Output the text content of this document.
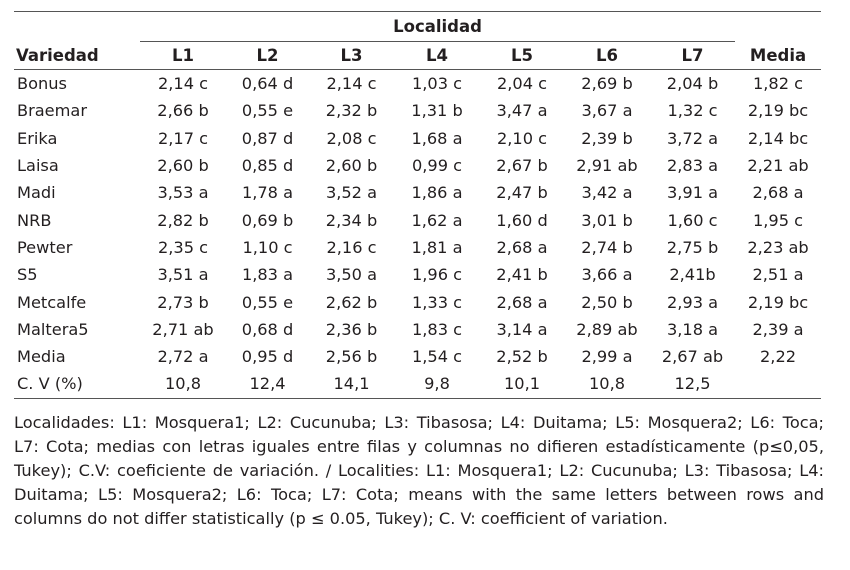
	Localidad							
Variedad	L1	L2	L3	L4	L5	L6	L7	Media
Bonus	2,14 c	0,64 d	2,14 c	1,03 c	2,04 c	2,69 b	2,04 b	1,82 c
Braemar	2,66 b	0,55 e	2,32 b	1,31 b	3,47 a	3,67 a	1,32 c	2,19 bc
Erika	2,17 c	0,87 d	2,08 c	1,68 a	2,10 c	2,39 b	3,72 a	2,14 bc
Laisa	2,60 b	0,85 d	2,60 b	0,99 c	2,67 b	2,91 ab	2,83 a	2,21 ab
Madi	3,53 a	1,78 a	3,52 a	1,86 a	2,47 b	3,42 a	3,91 a	2,68 a
NRB	2,82 b	0,69 b	2,34 b	1,62 a	1,60 d	3,01 b	1,60 c	1,95 c
Pewter	2,35 c	1,10 c	2,16 c	1,81 a	2,68 a	2,74 b	2,75 b	2,23 ab
S5	3,51 a	1,83 a	3,50 a	1,96 c	2,41 b	3,66 a	2,41b	2,51 a
Metcalfe	2,73 b	0,55 e	2,62 b	1,33 c	2,68 a	2,50 b	2,93 a	2,19 bc
Maltera5	2,71 ab	0,68 d	2,36 b	1,83 c	3,14 a	2,89 ab	3,18 a	2,39 a
Media	2,72 a	0,95 d	2,56 b	1,54 c	2,52 b	2,99 a	2,67 ab	2,22
C. V (%)	10,8	12,4	14,1	9,8	10,1	10,8	12,5	
Localidades: L1: Mosquera1; L2: Cucunuba; L3: Tibasosa; L4: Duitama; L5: Mosquera2; L6: Toca; L7: Cota; medias con letras iguales entre filas y columnas no difieren estadísticamente (p≤0,05, Tukey); C.V: coeficiente de variación. / Localities: L1: Mosquera1; L2: Cucunuba; L3: Tibasosa; L4: Duitama; L5: Mosquera2; L6: Toca; L7: Cota; means with the same letters between rows and columns do not differ statistically (p ≤ 0.05, Tukey); C. V: coefficient of variation.
